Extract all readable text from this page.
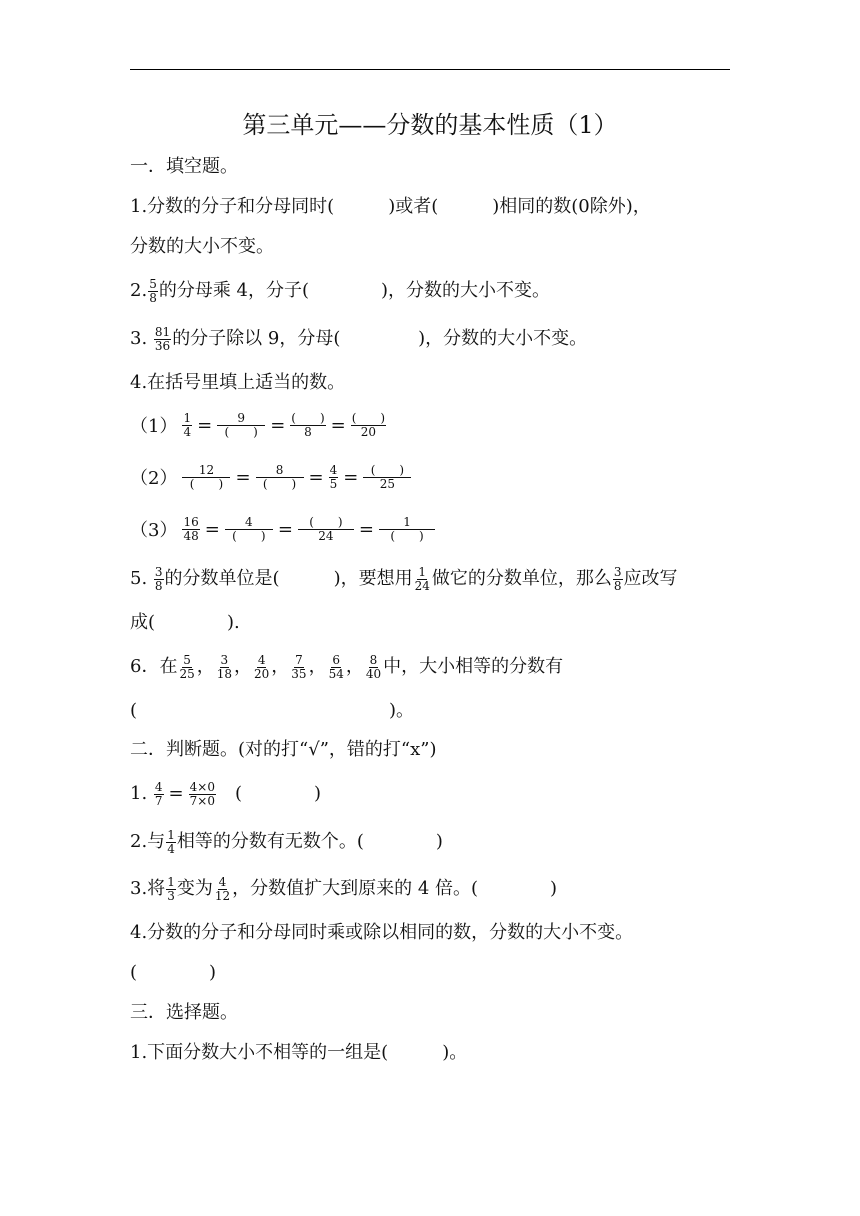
第三单元——分数的基本性质（1）
一．填空题。
1.分数的分子和分母同时(　　　)或者(　　　)相同的数(0除外)，
分数的大小不变。
2. $\frac{5}{8}$ 的分母乘 4，分子(　　　　)，分数的大小不变。
3. $\frac{81}{36}$ 的分子除以 9，分母(　　　　 )，分数的大小不变。
4.在括号里填上适当的数。
$(1) \frac{1}{4} = \frac{9}{( )} = \frac{( )}{8} = \frac{( )}{20}$
$(2) \frac{12}{( )} = \frac{8}{( )} = \frac{4}{5} = \frac{( )}{25}$
$(3) \frac{16}{48} = \frac{4}{( )} = \frac{( )}{24} = \frac{1}{( )}$
5. $\frac{3}{8}$ 的分数单位是(　　　)，要想用 $\frac{1}{24}$ 做它的分数单位，那么 $\frac{3}{8}$ 应改写
成(　　　　).
6．在 $\frac{5}{25}$ ， $\frac{3}{18}$ ， $\frac{4}{20}$ ， $\frac{7}{35}$ ， $\frac{6}{54}$ ， $\frac{8}{40}$ 中，大小相等的分数有
(　　　　　　　　　　　　　　)。
二．判断题。(对的打“√”，错的打“x”)
1. $\frac{4}{7} = \frac{4\times 0}{7\times 0}$ 　(　　　　)
2.与 $\frac{1}{4}$ 相等的分数有无数个。(　　　　)
3.将 $\frac{1}{3}$ 变为 $\frac{4}{12}$ ，分数值扩大到原来的 4 倍。(　　　　)
4.分数的分子和分母同时乘或除以相同的数，分数的大小不变。
(　　　　)
三．选择题。
1.下面分数大小不相等的一组是(　　　)。
